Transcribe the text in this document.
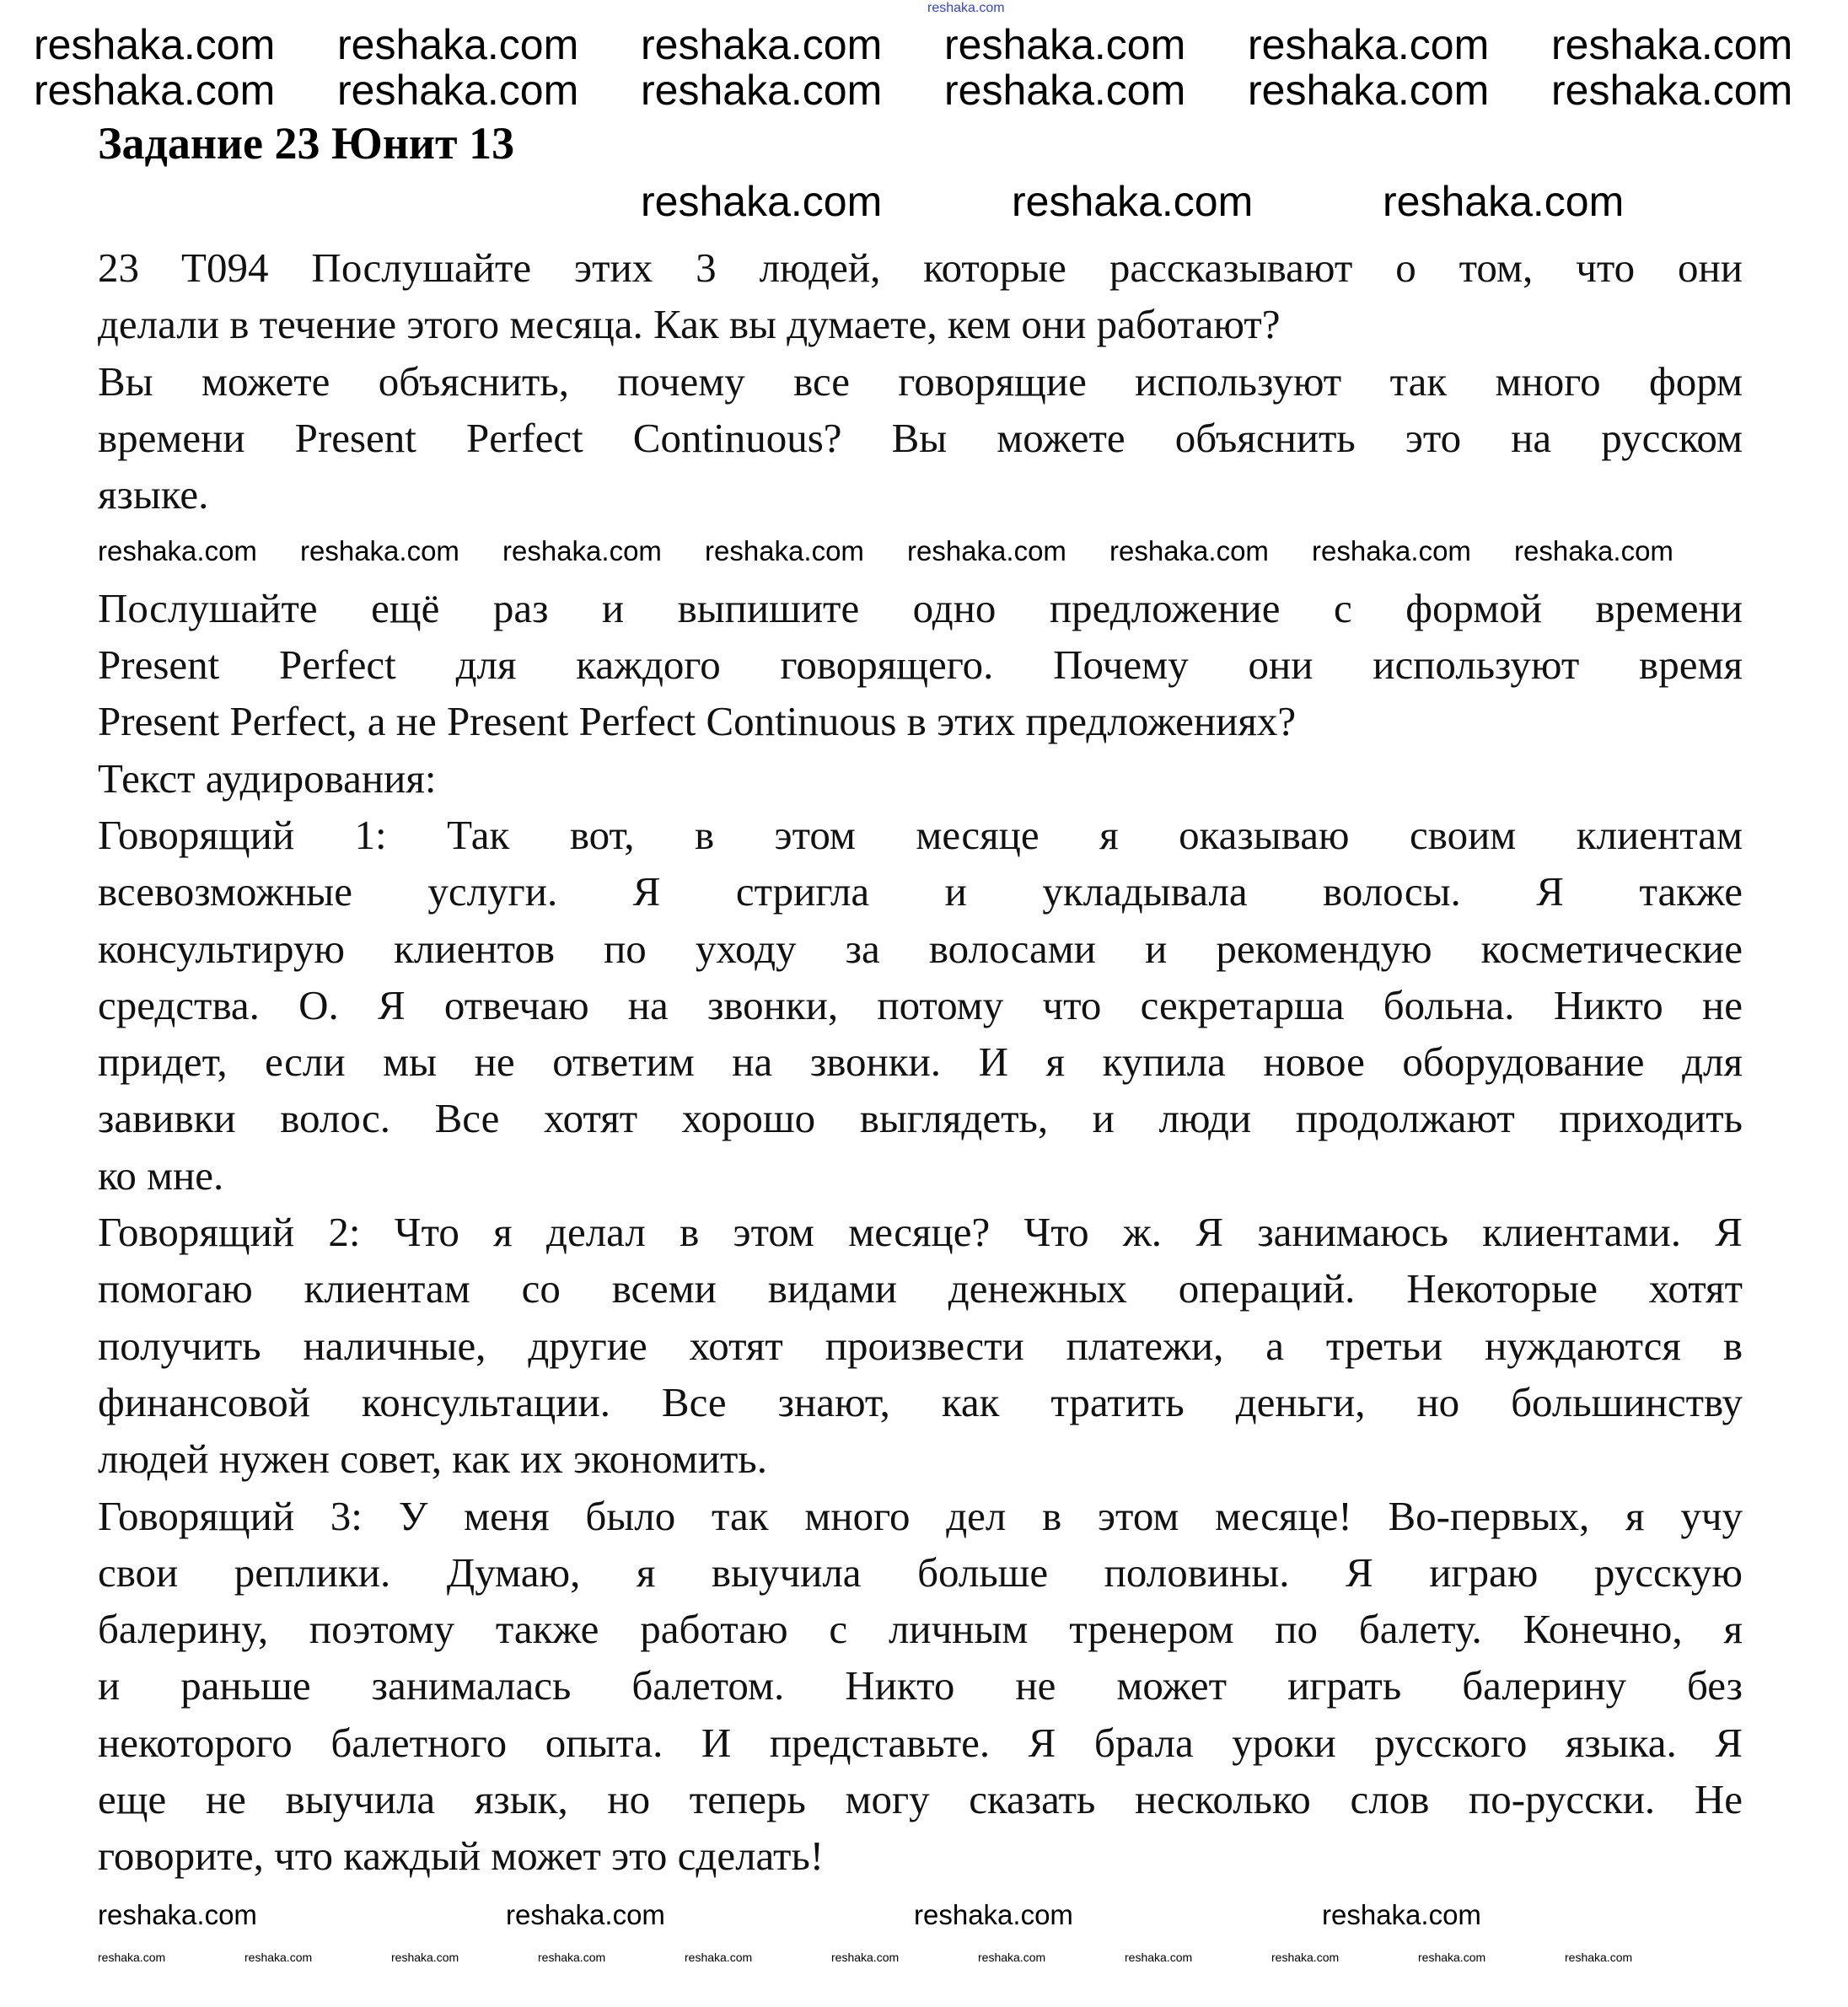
reshaka.com
Задание 23 Юнит 13
23 T094 Послушайте этих 3 людей, которые рассказывают о том, что они
делали в течение этого месяца. Как вы думаете, кем они работают?
Вы можете объяснить, почему все говорящие используют так много форм
времени Present Perfect Continuous? Вы можете объяснить это на русском
языке.
Послушайте ещё раз и выпишите одно предложение с формой времени
Present Perfect для каждого говорящего. Почему они используют время
Present Perfect, а не Present Perfect Continuous в этих предложениях?
Текст аудирования:
Говорящий 1: Так вот, в этом месяце я оказываю своим клиентам
всевозможные услуги. Я стригла и укладывала волосы. Я также
консультирую клиентов по уходу за волосами и рекомендую косметические
средства. О. Я отвечаю на звонки, потому что секретарша больна. Никто не
придет, если мы не ответим на звонки. И я купила новое оборудование для
завивки волос. Все хотят хорошо выглядеть, и люди продолжают приходить
ко мне.
Говорящий 2: Что я делал в этом месяце? Что ж. Я занимаюсь клиентами. Я
помогаю клиентам со всеми видами денежных операций. Некоторые хотят
получить наличные, другие хотят произвести платежи, а третьи нуждаются в
финансовой консультации. Все знают, как тратить деньги, но большинству
людей нужен совет, как их экономить.
Говорящий 3: У меня было так много дел в этом месяце! Во-первых, я учу
свои реплики. Думаю, я выучила больше половины. Я играю русскую
балерину, поэтому также работаю с личным тренером по балету. Конечно, я
и раньше занималась балетом. Никто не может играть балерину без
некоторого балетного опыта. И представьте. Я брала уроки русского языка. Я
еще не выучила язык, но теперь могу сказать несколько слов по-русски. Не
говорите, что каждый может это сделать!
reshaka.com reshaka.com reshaka.com reshaka.com reshaka.com reshaka.com
reshaka.com reshaka.com reshaka.com reshaka.com reshaka.com reshaka.com
reshaka.com	reshaka.com	reshaka.com
reshaka.com reshaka.com reshaka.com reshaka.com reshaka.com reshaka.com reshaka.com reshaka.com
reshaka.com	reshaka.com	reshaka.com	reshaka.com
reshaka.com	reshaka.com	reshaka.com	reshaka.com	reshaka.com	reshaka.com	reshaka.com	reshaka.com	reshaka.com	reshaka.com	reshaka.com
